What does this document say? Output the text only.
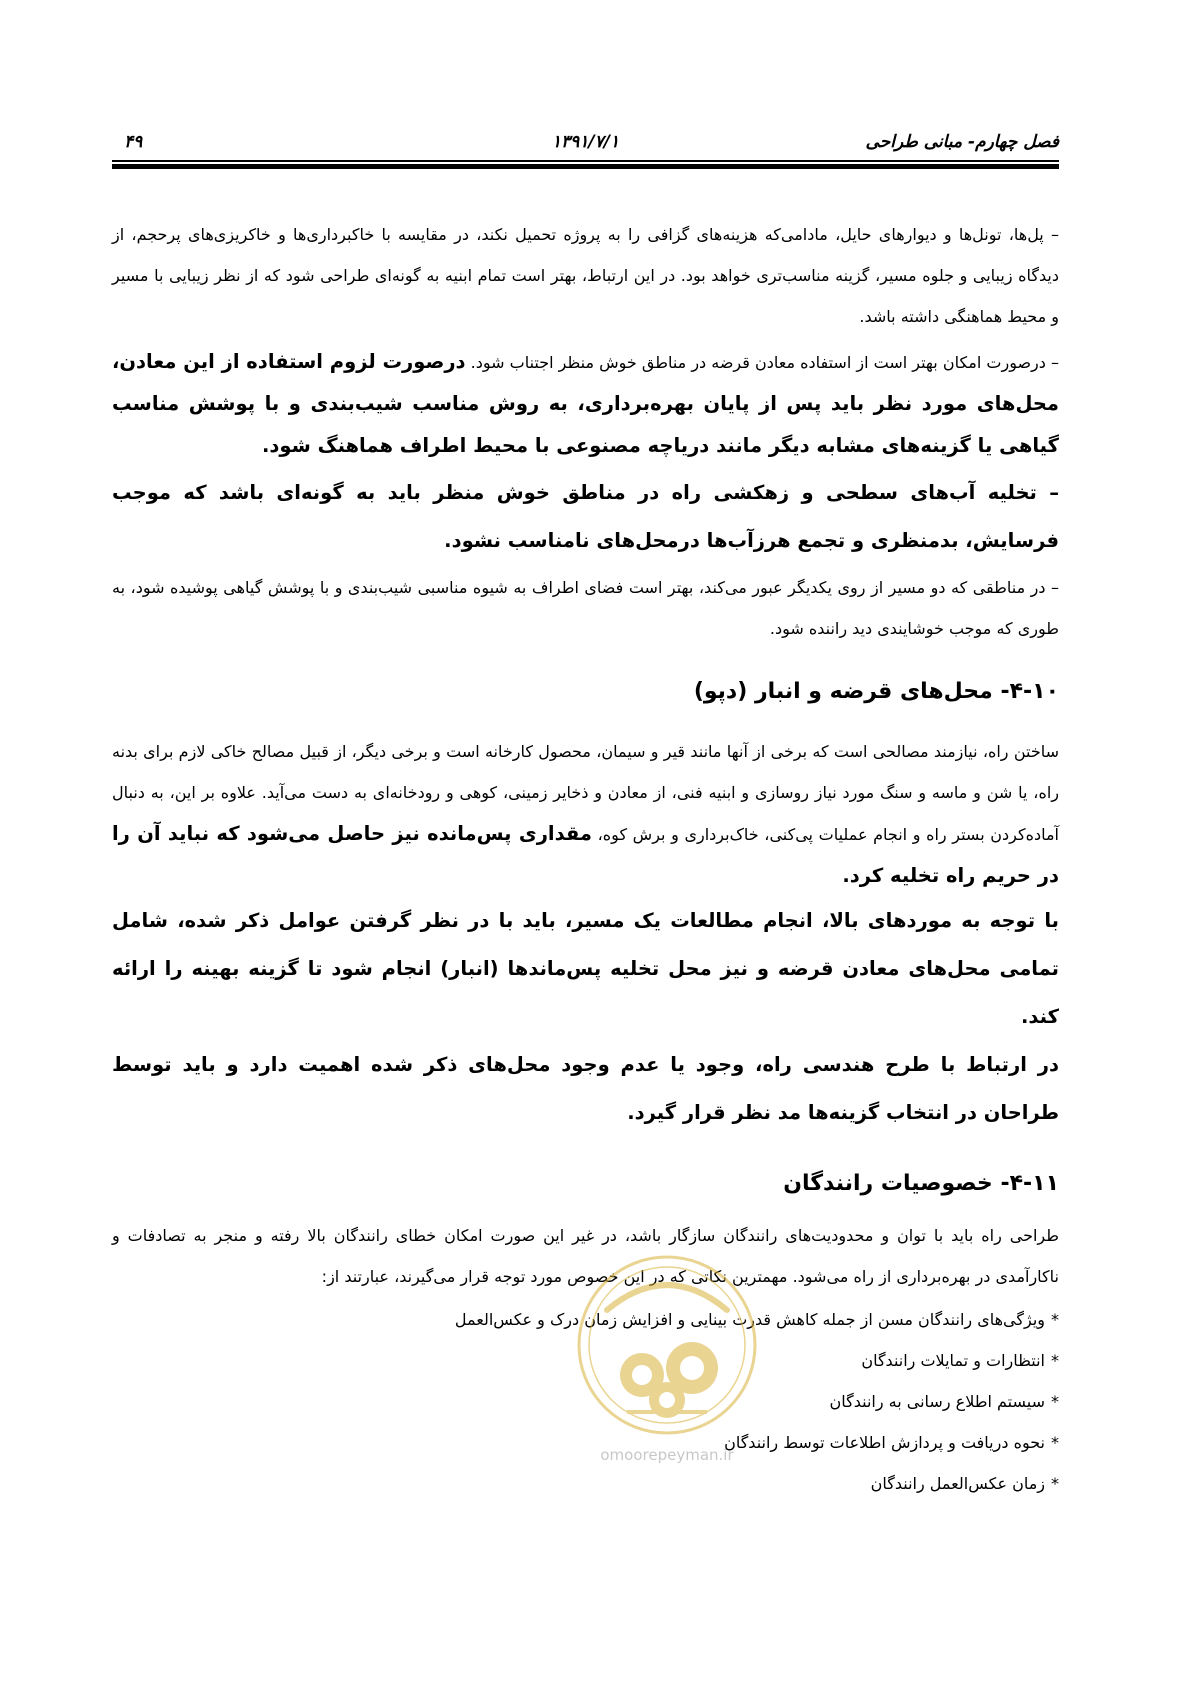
فصل چهارم- مبانی طراحی
۱۳۹۱/۷/۱
۴۹

– پل‌ها، تونل‌ها و دیوارهای حایل، مادامی‌که هزینه‌های گزافی را به پروژه تحمیل نکند، در مقایسه با خاکبرداری‌ها و خاکریزی‌های پرحجم، از دیدگاه زیبایی و جلوه مسیر، گزینه مناسب‌تری خواهد بود. در این ارتباط، بهتر است تمام ابنیه به گونه‌ای طراحی شود که از نظر زیبایی با مسیر و محیط هماهنگی داشته باشد.

– درصورت امکان بهتر است از استفاده معادن قرضه در مناطق خوش منظر اجتناب شود. درصورت لزوم استفاده از این معادن، محل‌های مورد نظر باید پس از پایان بهره‌برداری، به روش مناسب شیب‌بندی و با پوشش مناسب گیاهی یا گزینه‌های مشابه دیگر مانند دریاچه مصنوعی با محیط اطراف هماهنگ شود.

– تخلیه آب‌های سطحی و زهکشی راه در مناطق خوش منظر باید به گونه‌ای باشد که موجب فرسایش، بدمنظری و تجمع هرزآب‌ها درمحل‌های نامناسب نشود.

– در مناطقی که دو مسیر از روی یکدیگر عبور می‌کند، بهتر است فضای اطراف به شیوه مناسبی شیب‌بندی و با پوشش گیاهی پوشیده شود، به طوری که موجب خوشایندی دید راننده شود.

۴-۱۰- محل‌های قرضه و انبار (دپو)

ساختن راه، نیازمند مصالحی است که برخی از آنها مانند قیر و سیمان، محصول کارخانه است و برخی دیگر، از قبیل مصالح خاکی لازم برای بدنه راه، یا شن و ماسه و سنگ مورد نیاز روسازی و ابنیه فنی، از معادن و ذخایر زمینی، کوهی و رودخانه‌ای به دست می‌آید. علاوه بر این، به دنبال آماده‌کردن بستر راه و انجام عملیات پی‌کنی، خاک‌برداری و برش کوه، مقداری پس‌مانده نیز حاصل می‌شود که نباید آن را در حریم راه تخلیه کرد.

با توجه به موردهای بالا، انجام مطالعات یک مسیر، باید با در نظر گرفتن عوامل ذکر شده، شامل تمامی محل‌های معادن قرضه و نیز محل تخلیه پس‌ماندها (انبار) انجام شود تا گزینه بهینه را ارائه کند.

در ارتباط با طرح هندسی راه، وجود یا عدم وجود محل‌های ذکر شده اهمیت دارد و باید توسط طراحان در انتخاب گزینه‌ها مد نظر قرار گیرد.

۴-۱۱- خصوصیات رانندگان

طراحی راه باید با توان و محدودیت‌های رانندگان سازگار باشد، در غیر این صورت امکان خطای رانندگان بالا رفته و منجر به تصادفات و ناکارآمدی در بهره‌برداری از راه می‌شود. مهمترین نکاتی که در این خصوص مورد توجه قرار می‌گیرند، عبارتند از:

*ویژگی‌های رانندگان مسن از جمله کاهش قدرت بینایی و افزایش زمان درک و عکس‌العمل
*انتظارات و تمایلات رانندگان
*سیستم اطلاع رسانی به رانندگان
*نحوه دریافت و پردازش اطلاعات توسط رانندگان
*زمان عکس‌العمل رانندگان
omoorepeyman.ir
